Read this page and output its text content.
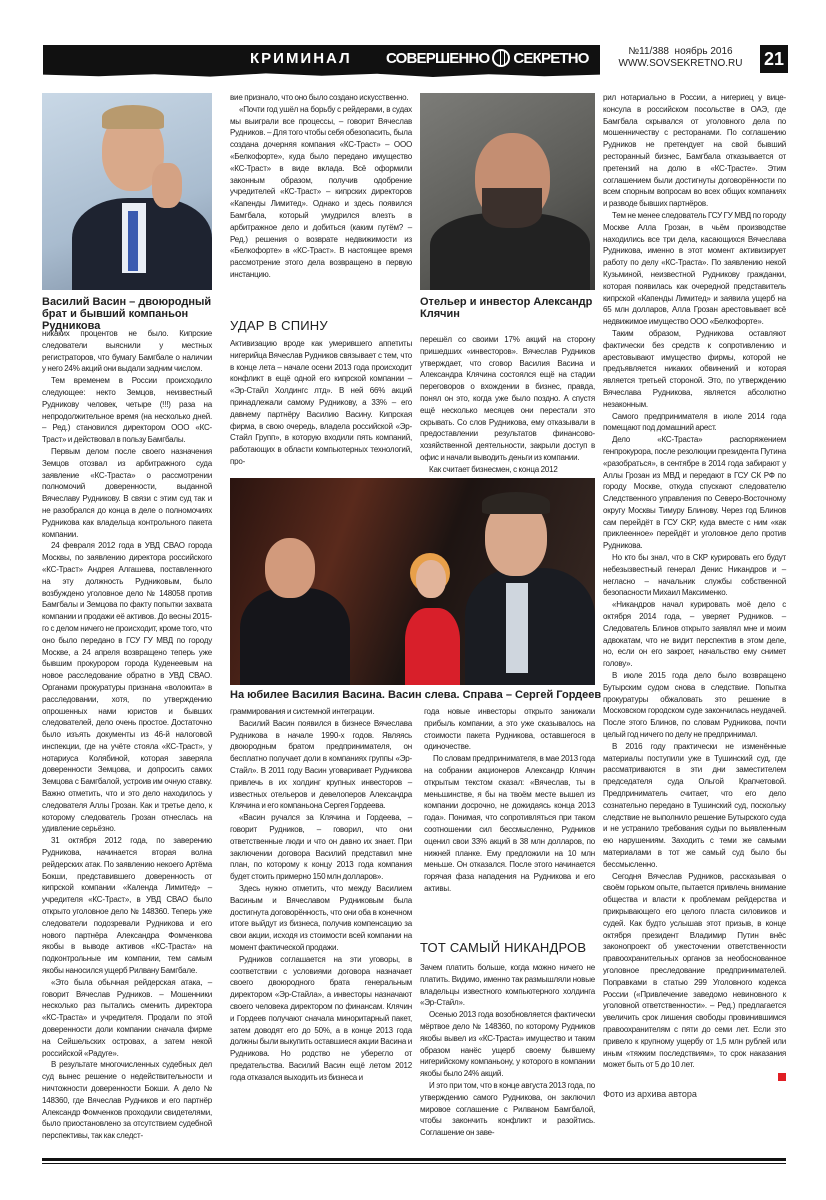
КРИМИНАЛ СОВЕРШЕННО СЕКРЕТНО	№11/388  ноябрь 2016
WWW.SOVSEKRETNO.RU	21
Василий Васин – двоюродный брат и бывший компаньон Рудникова
Отельер и инвестор Александр Клячин

никаких процентов не было. Кипрские следователи выяснили у местных регистраторов, что бумагу Бамгбале о наличии у него 24% акций они выдали задним числом.

Тем временем в России происходило следующее: некто Земцов, неизвестный Рудникову человек, четыре (!!!) раза на непродолжительное время (на несколько дней. – Ред.) становился директором ООО «КС-Траст» и действовал в пользу Бамгбалы.

Первым делом после своего назначения Земцов отозвал из арбитражного суда заявление «КС-Траста» о рассмотрении полномочий доверенности, выданной Вячеславу Рудникову. В связи с этим суд так и не разобрался до конца в деле о полномочиях Рудникова как владельца контрольного пакета компании.

24 февраля 2012 года в УВД СВАО города Москвы, по заявлению директора российского «КС-Траст» Андрея Алгашева, поставленного на эту должность Рудниковым, было возбуждено уголовное дело № 148058 против Бамгбалы и Земцова по факту попытки захвата компании и продажи её активов. До весны 2015-го с делом ничего не происходит, кроме того, что оно было передано в ГСУ ГУ МВД по городу Москве, а 24 апреля возвращено теперь уже бывшим прокурором города Куденеевым на новое расследование обратно в УВД СВАО. Органами прокуратуры признана «волокита» в расследовании, хотя, по утверждению опрошенных нами юристов и бывших следователей, дело очень простое. Достаточно было изъять документы из 46-й налоговой инспекции, где на учёте стояла «КС-Траст», у нотариуса Колябиной, которая заверяла доверенности Земцова, и допросить самих Земцова с Бамгбалой, устроив им очную ставку. Важно отметить, что и это дело находилось у следователя Аллы Грозан. Как и третье дело, к которому следователь Грозан отнеслась на удивление серьёзно.

31 октября 2012 года, по заверению Рудникова, начинается вторая волна рейдерских атак. По заявлению некоего Артёма Бокши, представившего доверенность от кипрской компании «Календа Лимитед» – учредителя «КС-Траст», в УВД СВАО было открыто уголовное дело № 148360. Теперь уже следователи подозревали Рудникова и его нового партнёра Александра Фомченкова якобы в выводе активов «КС-Траста» на подконтрольные им компании, тем самым якобы наносился ущерб Рилвану Бамгбале.

«Это была обычная рейдерская атака, – говорит Вячеслав Рудников. – Мошенники несколько раз пытались сменить директора «КС-Траста» и учредителя. Продали по этой доверенности доли компании сначала фирме на Сейшельских островах, а затем некой российской «Радуге».

В результате многочисленных судебных дел суд вынес решение о недействительности и ничтожности доверенности Бокши. А дело № 148360, где Вячеслав Рудников и его партнёр Александр Фомченков проходили свидетелями, было приостановлено за отсутствием судебной перспективы, так как следст-

вие признало, что оно было создано искусственно.

«Почти год ушёл на борьбу с рейдерами, в судах мы выиграли все процессы, – говорит Вячеслав Рудников. – Для того чтобы себя обезопасить, была создана дочерняя компания «КС-Траст» – ООО «Белкофорте», куда было передано имущество «КС-Траст» в виде вклада. Всё оформили законным образом, получив одобрение учредителей «КС-Траст» – кипрских директоров «Капенды Лимитед». Однако и здесь появился Бамгбала, который умудрился влезть в арбитражное дело и добиться (каким путём? – Ред.) решения о возврате недвижимости из «Белкофорте» в «КС-Траст». В настоящее время рассмотрение этого дела возвращено в первую инстанцию.

УДАР В СПИНУ

Активизацию вроде как умерившего аппетиты нигерийца Вячеслав Рудников связывает с тем, что в конце лета – начале осени 2013 года происходит конфликт в ещё одной его кипрской компании – «Эр-Стайл Холдингс лтд». В ней 66% акций принадлежали самому Рудникову, а 33% – его давнему партнёру Василию Васину. Кипрская фирма, в свою очередь, владела российской «Эр-Стайл Групп», в которую входили пять компаний, работающих в области компьютерных технологий, про-

перешёл со своими 17% акций на сторону пришедших «инвесторов». Вячеслав Рудников утверждает, что сговор Василия Васина и Александра Клячина состоялся ещё на стадии переговоров о вхождении в бизнес, правда, понял он это, когда уже было поздно. А спустя ещё несколько месяцев они перестали это скрывать. Со слов Рудникова, ему отказывали в предоставлении результатов финансово-хозяйственной деятельности, закрыли доступ в офис и начали выводить деньги из компании.

Как считает бизнесмен, с конца 2012

На юбилее Василия Васина. Васин слева. Справа – Сергей Гордеев

граммирования и системной интеграции.

Василий Васин появился в бизнесе Вячеслава Рудникова в начале 1990-х годов. Являясь двоюродным братом предпринимателя, он бесплатно получает доли в компаниях группы «Эр-Стайл». В 2011 году Васин уговаривает Рудникова привлечь в их холдинг крупных инвесторов – известных отельеров и девелоперов Александра Клячина и его компаньона Сергея Гордеева.

«Васин ручался за Клячина и Гордеева, – говорит Рудников, – говорил, что они ответственные люди и что он давно их знает. При заключении договора Василий представил мне план, по которому к концу 2013 года компания будет стоить примерно 150 млн долларов».

Здесь нужно отметить, что между Василием Васиным и Вячеславом Рудниковым была достигнута договорённость, что они оба в конечном итоге выйдут из бизнеса, получив компенсацию за свои акции, исходя из стоимости всей компании на момент фактической продажи.

Рудников соглашается на эти уговоры, в соответствии с условиями договора назначает своего двоюродного брата генеральным директором «Эр-Стайла», а инвесторы назначают своего человека директором по финансам. Клячин и Гордеев получают сначала миноритарный пакет, затем доводят его до 50%, а в конце 2013 года должны были выкупить оставшиеся акции Васина и Рудникова. Но родство не уберегло от предательства. Василий Васин ещё летом 2012 года отказался выходить из бизнеса и

года новые инвесторы открыто занижали прибыль компании, а это уже сказывалось на стоимости пакета Рудникова, оставшегося в одиночестве.

По словам предпринимателя, в мае 2013 года на собрании акционеров Александр Клячин открытым текстом сказал: «Вячеслав, ты в меньшинстве, я бы на твоём месте вышел из компании досрочно, не дожидаясь конца 2013 года». Понимая, что сопротивляться при таком соотношении сил бессмысленно, Рудников оценил свои 33% акций в 38 млн долларов, по нижней планке. Ему предложили на 10 млн меньше. Он отказался. После этого начинается горячая фаза нападения на Рудникова и его активы.

ТОТ САМЫЙ НИКАНДРОВ

Зачем платить больше, когда можно ничего не платить. Видимо, именно так размышляли новые владельцы известного компьютерного холдинга «Эр-Стайл».

Осенью 2013 года возобновляется фактически мёртвое дело № 148360, по которому Рудников якобы вывел из «КС-Траста» имущество и таким образом нанёс ущерб своему бывшему нигерийскому компаньону, у которого в компании якобы было 24% акций.

И это при том, что в конце августа 2013 года, по утверждению самого Рудникова, он заключил мировое соглашение с Рилваном Бамгбалой, чтобы закончить конфликт и разойтись. Соглашение он заве-

рил нотариально в России, а нигериец у вице-консула в российском посольстве в ОАЭ, где Бамгбала скрывался от уголовного дела по мошенничеству с ресторанами. По соглашению Рудников не претендует на свой бывший ресторанный бизнес, Бамгбала отказывается от претензий на долю в «КС-Трасте». Этим соглашением были достигнуты договорённости по всем спорным вопросам во всех общих компаниях и разводе бывших партнёров.

Тем не менее следователь ГСУ ГУ МВД по городу Москве Алла Грозан, в чьём производстве находились все три дела, касающихся Вячеслава Рудникова, именно в этот момент активизирует работу по делу «КС-Траста». По заявлению некой Кузьминой, неизвестной Рудникову гражданки, которая появилась как очередной представитель кипрской «Капенды Лимитед» и заявила ущерб на 65 млн долларов, Алла Грозан арестовывает всё недвижимое имущество ООО «Белкофорте».

Таким образом, Рудникова оставляют фактически без средств к сопротивлению и арестовывают имущество фирмы, которой не предъявляется никаких обвинений и которая является третьей стороной. Это, по утверждению Вячеслава Рудникова, является абсолютно незаконным.

Самого предпринимателя в июле 2014 года помещают под домашний арест.

Дело «КС-Траста» распоряжением генпрокурора, после резолюции президента Путина «разобраться», в сентябре в 2014 года забирают у Аллы Грозан из МВД и передают в ГСУ СК РФ по городу Москве, откуда спускают следователю Следственного управления по Северо-Восточному округу Москвы Тимуру Блинову. Через год Блинов сам перейдёт в ГСУ СКР, куда вместе с ним «как приклеенное» перейдёт и уголовное дело против Рудникова.

Но кто бы знал, что в СКР курировать его будут небезызвестный генерал Денис Никандров и – негласно – начальник службы собственной безопасности Михаил Максименко.

«Никандров начал курировать моё дело с октября 2014 года, – уверяет Рудников. – Следователь Блинов открыто заявлял мне и моим адвокатам, что не видит перспектив в этом деле, но, если он его закроет, начальство ему снимет голову».

В июле 2015 года дело было возвращено Бутырским судом снова в следствие. Попытка прокуратуры обжаловать это решение в Московском городском суде закончилась неудачей. После этого Блинов, по словам Рудникова, почти целый год ничего по делу не предпринимал.

В 2016 году практически не изменённые материалы поступили уже в Тушинский суд, где рассматриваются в эти дни заместителем председателя суда Ольгой Крапчетовой. Предприниматель считает, что его дело сознательно передано в Тушинский суд, поскольку следствие не выполнило решение Бутырского суда и не устранило требования судьи по выявленным ею нарушениям. Заходить с теми же самыми материалами в тот же самый суд было бы бессмысленно.

Сегодня Вячеслав Рудников, рассказывая о своём горьком опыте, пытается привлечь внимание общества и власти к проблемам рейдерства и прикрывающего его целого пласта силовиков и судей. Как будто услышав этот призыв, в конце октября президент Владимир Путин внёс законопроект об ужесточении ответственности правоохранительных органов за необоснованное уголовное преследование предпринимателей. Поправками в статью 299 Уголовного кодекса России («Привлечение заведомо невиновного к уголовной ответственности». – Ред.) предлагается увеличить срок лишения свободы провинившимся правоохранителям с пяти до семи лет. Если это привело к крупному ущербу от 1,5 млн рублей или иным «тяжким последствиям», то срок наказания может быть от 5 до 10 лет.

Фото из архива автора
